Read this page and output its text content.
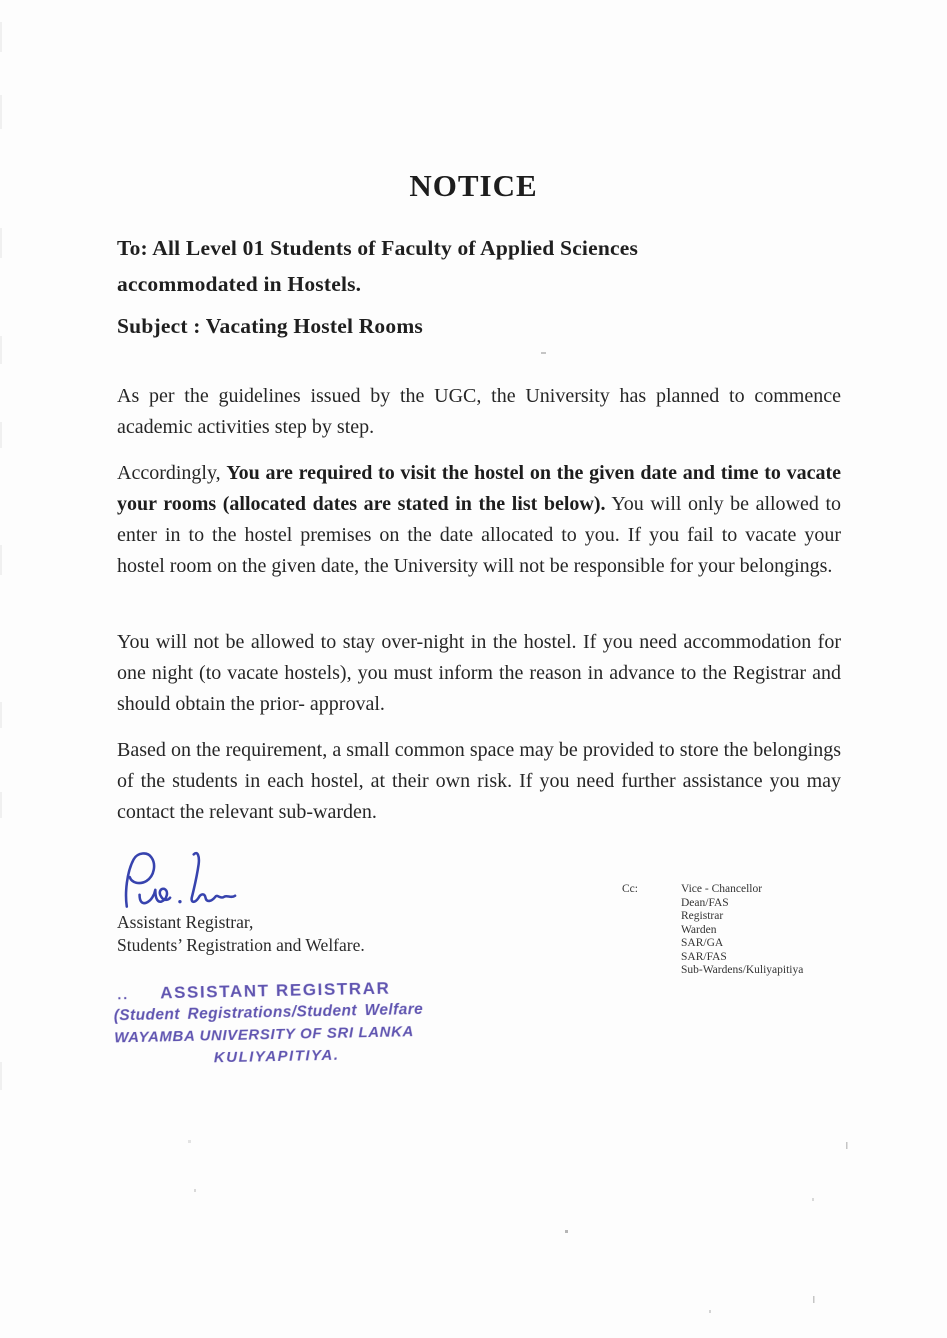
NOTICE
To: All Level 01 Students of Faculty of Applied Sciences
accommodated in Hostels.
Subject : Vacating Hostel Rooms

As per the guidelines issued by the UGC, the University has planned to commence academic activities step by step.

Accordingly, You are required to visit the hostel on the given date and time to vacate your rooms (allocated dates are stated in the list below). You will only be allowed to enter in to the hostel premises on the date allocated to you. If you fail to vacate your hostel room on the given date, the University will not be responsible for your belongings.

You will not be allowed to stay over-night in the hostel. If you need accommodation for one night (to vacate hostels), you must inform the reason in advance to the Registrar and should obtain the prior- approval.

Based on the requirement, a small common space may be provided to store the belongings of the students in each hostel, at their own risk. If you need further assistance you may contact the relevant sub-warden.

Assistant Registrar,
Students’ Registration and Welfare.
Cc:	Vice - Chancellor
Dean/FAS
Registrar
Warden
SAR/GA
SAR/FAS
Sub-Wardens/Kuliyapitiya
.. ASSISTANT REGISTRAR
(Student Registrations/Student Welfare
WAYAMBA UNIVERSITY OF SRI LANKA
KULIYAPITIYA.
